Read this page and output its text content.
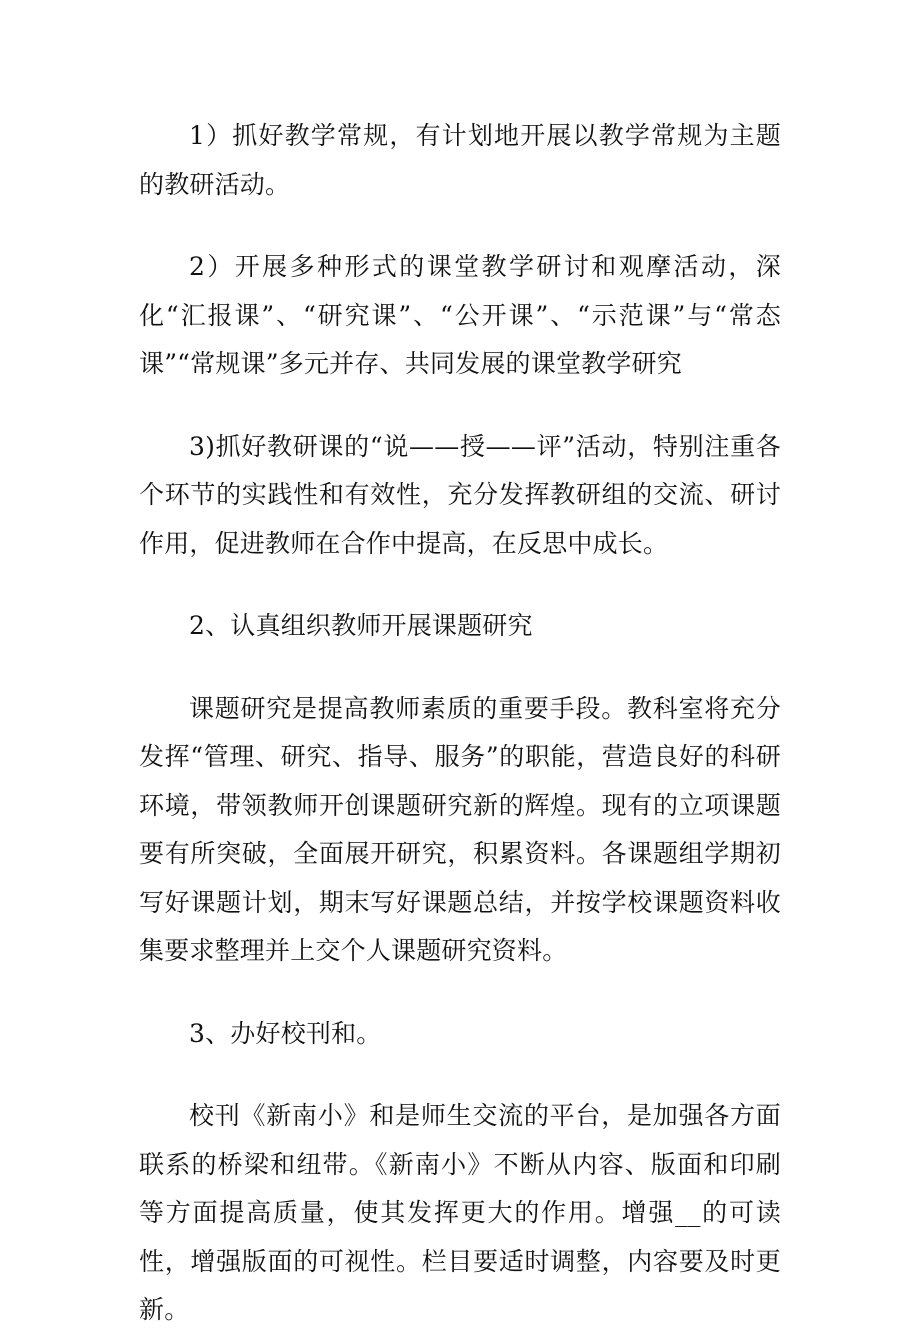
1）抓好教学常规，有计划地开展以教学常规为主题的教研活动。

2）开展多种形式的课堂教学研讨和观摩活动，深化“汇报课”、“研究课”、“公开课”、“示范课”与“常态课”“常规课”多元并存、共同发展的课堂教学研究

3)抓好教研课的“说——授——评”活动，特别注重各个环节的实践性和有效性，充分发挥教研组的交流、研讨作用，促进教师在合作中提高，在反思中成长。

2、认真组织教师开展课题研究

课题研究是提高教师素质的重要手段。教科室将充分发挥“管理、研究、指导、服务”的职能，营造良好的科研环境，带领教师开创课题研究新的辉煌。现有的立项课题要有所突破，全面展开研究，积累资料。各课题组学期初写好课题计划，期末写好课题总结，并按学校课题资料收集要求整理并上交个人课题研究资料。

3、办好校刊和。

校刊《新南小》和是师生交流的平台，是加强各方面联系的桥梁和纽带。《新南小》不断从内容、版面和印刷等方面提高质量，使其发挥更大的作用。增强__的可读性，增强版面的可视性。栏目要适时调整，内容要及时更新。
